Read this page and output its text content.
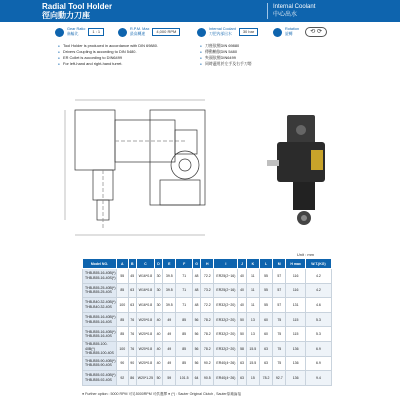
Radial Tool Holder
徑向動力刀座
Internal Coolant
中心出水
Gear Ratio
齒輪比
1 : 1	R.P.M. Max
最高轉速
4,000 RPM	Internal Coolant
刀把內部出水
30 bar	Rotation
旋轉	⟲ ⟳
● Tool Holder is produced in accordance with DIN 69880.
● Drivers Coupling is according to DIN 5480.
● ER Collet is according to DIN6499
● For left-hand and right-hand turret.
● 刀座依照DIN 69880
● 傳動軸依DIN 5480
● 夾頭依照DIN6499
● 同時適用於左手及右手刀塔
Unit : mm
Model NO.	A	B	C	D	E	F	G	H	I	J	K	L	M	H max	W.T.(KG)

THB-B55-16-40B(*)
THB-B55-16-40S(*)	55	45	W16*0.8	30	39.5	71	48	72.2	ER25(2~16)	40	11	55	57	116	4.2

THB-B55-25-40B(*)
THB-B55-25-40S	85	63	W16*0.8	30	39.5	71	48	73.2	ER25(2~16)	40	11	55	57	116	4.2

THB-B40-32-40B(*)
THB-B40-32-40S	100	63	W16*0.8	30	39.5	71	48	72.2	ER32(2~20)	40	11	55	57	131	4.6

THB-B55-16-40B(*)
THB-B55-16-40S	85	76	W20*0.8	40	49	85	56	78.2	ER32(2~20)	50	13	60	75	115	5.3

THB-B55-16-40B(*)
THB-B55-16-40S	85	76	W20*0.8	40	49	85	56	78.2	ER32(2~20)	50	13	60	75	115	5.3

THB-B55-100-40B(*)
THB-B55-100-40S	100	76	W20*0.8	40	49	85	56	78.2	ER32(2~20)	58	15.5	63	75	136	6.9

THB-B55-90-40B(*)
THB-B55-90-40S	90	90	W20*0.8	40	49	85	56	90.2	ER40(4~26)	63	15.5	63	75	136	6.9

THB-B55-92-40B(*)
THB-B55-92-40S	92	86	W20*1.25	50	59	101.5	64	90.5	ER40(4~26)	63	15	78.2	92.7	136	9.4
● Further option : 5000 RPM 可另5000RPM 可供選擇 ● (*) : Sauter Original Clutch , Sauter原廠齒接
